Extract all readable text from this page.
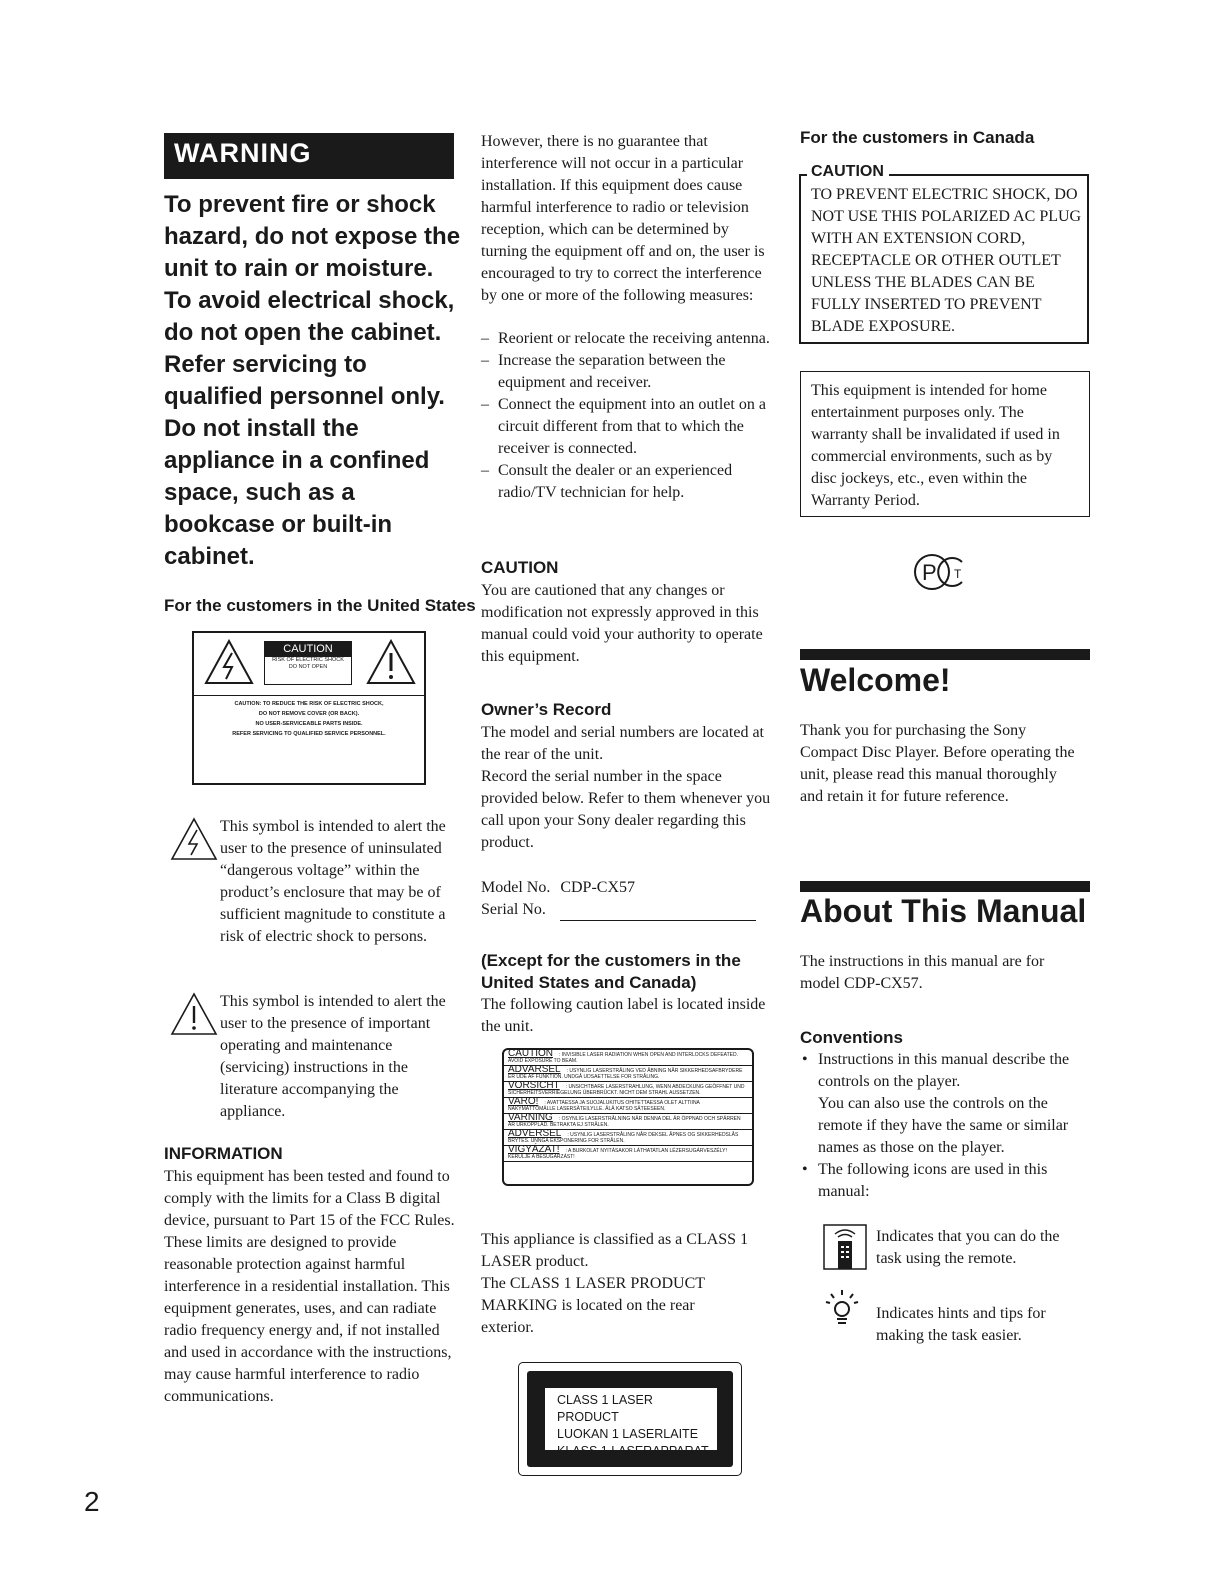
WARNING
To prevent fire or shock hazard, do not expose the unit to rain or moisture. To avoid electrical shock, do not open the cabinet. Refer servicing to qualified personnel only. Do not install the appliance in a confined space, such as a bookcase or built-in cabinet.
For the customers in the United States
CAUTION
RISK OF ELECTRIC SHOCK
DO NOT OPEN

CAUTION: TO REDUCE THE RISK OF ELECTRIC SHOCK,

DO NOT REMOVE COVER (OR BACK).

NO USER-SERVICEABLE PARTS INSIDE.

REFER SERVICING TO QUALIFIED SERVICE PERSONNEL.

This symbol is intended to alert the user to the presence of uninsulated “dangerous voltage” within the product’s enclosure that may be of sufficient magnitude to constitute a risk of electric shock to persons.

This symbol is intended to alert the user to the presence of important operating and maintenance (servicing) instructions in the literature accompanying the appliance.

INFORMATION

This equipment has been tested and found to comply with the limits for a Class B digital device, pursuant to Part 15 of the FCC Rules. These limits are designed to provide reasonable protection against harmful interference in a residential installation. This equipment generates, uses, and can radiate radio frequency energy and, if not installed and used in accordance with the instructions, may cause harmful interference to radio communications.

However, there is no guarantee that interference will not occur in a particular installation. If this equipment does cause harmful interference to radio or television reception, which can be determined by turning the equipment off and on, the user is encouraged to try to correct the interference by one or more of the following measures:

– Reorient or relocate the receiving antenna.
– Increase the separation between the equipment and receiver.
– Connect the equipment into an outlet on a circuit different from that to which the receiver is connected.
– Consult the dealer or an experienced radio/TV technician for help.
CAUTION

You are cautioned that any changes or modification not expressly approved in this manual could void your authority to operate this equipment.

Owner’s Record

The model and serial numbers are located at the rear of the unit.

Record the serial number in the space provided below. Refer to them whenever you call upon your Sony dealer regarding this product.

Model No. CDP-CX57
Serial No.
(Except for the customers in the United States and Canada)

The following caution label is located inside the unit.

CAUTION : INVISIBLE LASER RADIATION WHEN OPEN AND INTERLOCKS DEFEATED. AVOID EXPOSURE TO BEAM.
ADVARSEL : USYNLIG LASERSTRÅLING VED ÅBNING NÅR SIKKERHEDSAFBRYDERE ER UDE AF FUNKTION. UNDGÅ UDSAETTELSE FOR STRÅLING.
VORSICHT : UNSICHTBARE LASERSTRAHLUNG, WENN ABDECKUNG GEÖFFNET UND SICHERHEITSVERRIEGELUNG ÜBERBRÜCKT. NICHT DEM STRAHL AUSSETZEN.
VARO! : AVATTAESSA JA SUOJALUKITUS OHITETTAESSA OLET ALTTIINA NÄKYMÄTTÖMÄLLE LASERSÄTEILYLLE. ÄLÄ KATSO SÄTEESEEN.
VARNING : OSYNLIG LASERSTRÅLNING NÄR DENNA DEL ÄR ÖPPNAD OCH SPÄRREN ÄR URKOPPLAD. BETRAKTA EJ STRÅLEN.
ADVERSEL : USYNLIG LASERSTRÅLING NÅR DEKSEL ÅPNES OG SIKKERHEDSLÅS BRYTES. UNNGÅ EKSPONERING FOR STRÅLEN.
VIGYÁZAT! : A BURKOLAT NYITÁSAKOR LÁTHATATLAN LÉZERSUGÁRVESZÉLY! KERÜLJE A BESUGÁRZÁST!

This appliance is classified as a CLASS 1 LASER product.

The CLASS 1 LASER PRODUCT MARKING is located on the rear exterior.

CLASS 1 LASER PRODUCT

LUOKAN 1 LASERLAITE

KLASS 1 LASERAPPARAT

For the customers in Canada
CAUTION
TO PREVENT ELECTRIC SHOCK, DO NOT USE THIS POLARIZED AC PLUG WITH AN EXTENSION CORD, RECEPTACLE OR OTHER OUTLET UNLESS THE BLADES CAN BE FULLY INSERTED TO PREVENT BLADE EXPOSURE.
This equipment is intended for home entertainment purposes only. The warranty shall be invalidated if used in commercial environments, such as by disc jockeys, etc., even within the Warranty Period.
P T
Welcome!

Thank you for purchasing the Sony Compact Disc Player. Before operating the unit, please read this manual thoroughly and retain it for future reference.

About This Manual

The instructions in this manual are for model CDP-CX57.

Conventions
• Instructions in this manual describe the controls on the player.
You can also use the controls on the remote if they have the same or similar names as those on the player.
• The following icons are used in this manual:

Indicates that you can do the task using the remote.

Indicates hints and tips for making the task easier.

2
